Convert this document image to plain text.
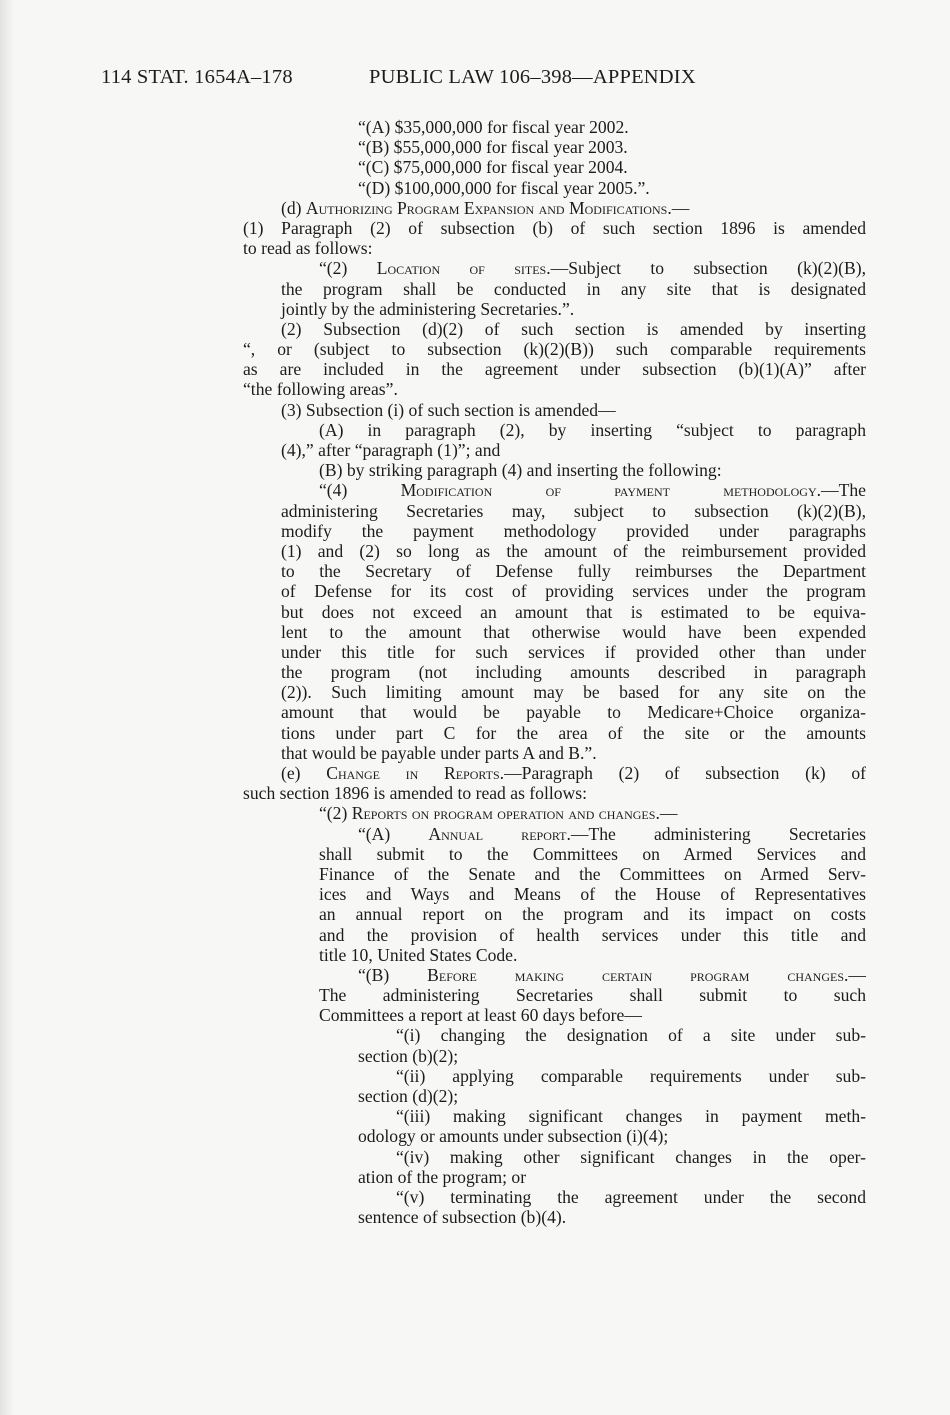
114 STAT. 1654A–178	PUBLIC LAW 106–398—APPENDIX
“(A) $35,000,000 for fiscal year 2002.
“(B) $55,000,000 for fiscal year 2003.
“(C) $75,000,000 for fiscal year 2004.
“(D) $100,000,000 for fiscal year 2005.”.
(d) Authorizing Program Expansion and Modifications.—
(1) Paragraph (2) of subsection (b) of such section 1896 is amended
to read as follows:
“(2) Location of sites.—Subject to subsection (k)(2)(B),
the program shall be conducted in any site that is designated
jointly by the administering Secretaries.”.
(2) Subsection (d)(2) of such section is amended by inserting
“, or (subject to subsection (k)(2)(B)) such comparable requirements
as are included in the agreement under subsection (b)(1)(A)” after
“the following areas”.
(3) Subsection (i) of such section is amended—
(A) in paragraph (2), by inserting “subject to paragraph
(4),” after “paragraph (1)”; and
(B) by striking paragraph (4) and inserting the following:
“(4) Modification of payment methodology.—The
administering Secretaries may, subject to subsection (k)(2)(B),
modify the payment methodology provided under paragraphs
(1) and (2) so long as the amount of the reimbursement provided
to the Secretary of Defense fully reimburses the Department
of Defense for its cost of providing services under the program
but does not exceed an amount that is estimated to be equiva-
lent to the amount that otherwise would have been expended
under this title for such services if provided other than under
the program (not including amounts described in paragraph
(2)). Such limiting amount may be based for any site on the
amount that would be payable to Medicare+Choice organiza-
tions under part C for the area of the site or the amounts
that would be payable under parts A and B.”.
(e) Change in Reports.—Paragraph (2) of subsection (k) of
such section 1896 is amended to read as follows:
“(2) Reports on program operation and changes.—
“(A) Annual report.—The administering Secretaries
shall submit to the Committees on Armed Services and
Finance of the Senate and the Committees on Armed Serv-
ices and Ways and Means of the House of Representatives
an annual report on the program and its impact on costs
and the provision of health services under this title and
title 10, United States Code.
“(B) Before making certain program changes.—
The administering Secretaries shall submit to such
Committees a report at least 60 days before—
“(i) changing the designation of a site under sub-
section (b)(2);
“(ii) applying comparable requirements under sub-
section (d)(2);
“(iii) making significant changes in payment meth-
odology or amounts under subsection (i)(4);
“(iv) making other significant changes in the oper-
ation of the program; or
“(v) terminating the agreement under the second
sentence of subsection (b)(4).
